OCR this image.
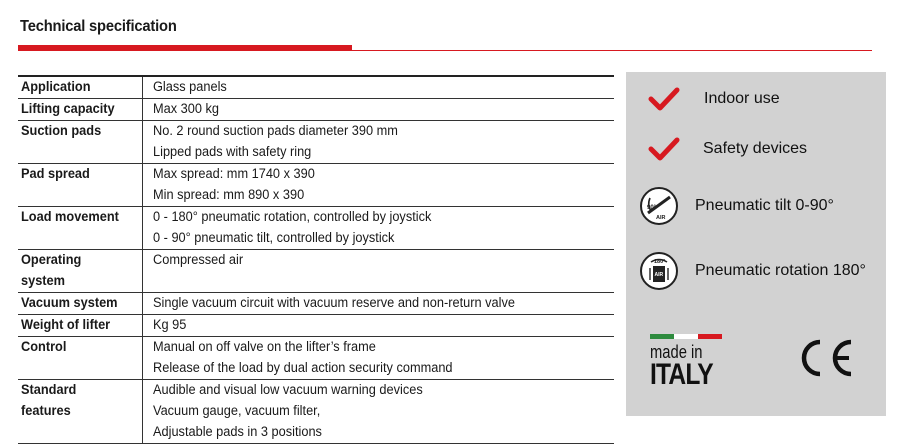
Technical specification
Application	Glass panels

Lifting capacity	Max 300 kg

Suction pads	No. 2 round suction pads diameter 390 mm
Lipped pads with safety ring

Pad spread	Max spread: mm 1740 x 390
Min spread: mm 890 x 390

Load movement	0 - 180° pneumatic rotation, controlled by joystick
0 - 90° pneumatic tilt, controlled by joystick

Operating
system	Compressed air

Vacuum system	Single vacuum circuit with vacuum reserve and non-return valve

Weight of lifter	Kg 95

Control	Manual on off valve on the lifter’s frame
Release of the load by dual action security command

Standard
features	Audible and visual low vacuum warning devices
Vacuum gauge, vacuum filter,
Adjustable pads in 3 positions
Indoor use
Safety devices
90°
AIR
Pneumatic tilt 0-90°
180°
AIR Pneumatic rotation 180°
made in
ITALY
